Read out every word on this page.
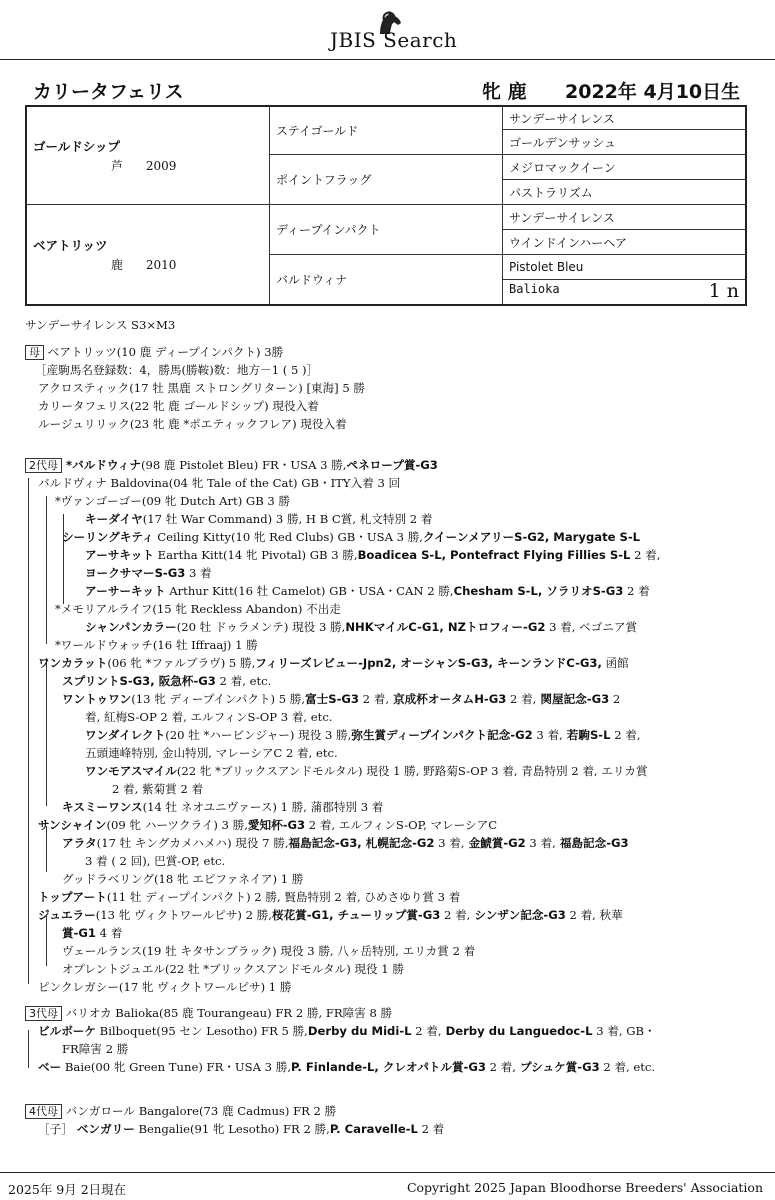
JBIS Search
カリータフェリス	牝 鹿 2022年 4月10日生
ゴールドシップ
芦 2009	ステイゴールド	サンデーサイレンス
		ゴールデンサッシュ
	ポイントフラッグ	メジロマックイーン
		パストラリズム
ベアトリッツ
鹿 2010	ディープインパクト	サンデーサイレンス
		ウインドインハーヘア
	バルドウィナ	Pistolet Bleu
		Balioka 1 n
サンデーサイレンス S3×M3
母 ベアトリッツ(10 鹿 ディープインパクト) 3勝
［産駒馬名登録数：4，勝馬(勝鞍)数：地方－1 ( 5 )］
アクロスティック(17 牡 黒鹿 ストロングリターン) [東海] 5 勝
カリータフェリス(22 牝 鹿 ゴールドシップ) 現役入着
ルージュリリック(23 牝 鹿 *ポエティックフレア) 現役入着
2代母 *バルドウィナ(98 鹿 Pistolet Bleu) FR・USA 3 勝,ペネロープ賞-G3
バルドヴィナ Baldovina(04 牝 Tale of the Cat) GB・ITY入着 3 回
*ヴァンゴーゴー(09 牝 Dutch Art) GB 3 勝
キーダイヤ(17 牡 War Command) 3 勝, H B C賞, 札文特別 2 着
シーリングキティ Ceiling Kitty(10 牝 Red Clubs) GB・USA 3 勝,クイーンメアリーS-G2, Marygate S-L
アーサキット Eartha Kitt(14 牝 Pivotal) GB 3 勝,Boadicea S-L, Pontefract Flying Fillies S-L 2 着,
ヨークサマーS-G3 3 着
アーサーキット Arthur Kitt(16 牡 Camelot) GB・USA・CAN 2 勝,Chesham S-L, ソラリオS-G3 2 着
*メモリアルライフ(15 牝 Reckless Abandon) 不出走
シャンパンカラー(20 牡 ドゥラメンテ) 現役 3 勝,NHKマイルC-G1, NZトロフィー-G2 3 着, ベゴニア賞
*ワールドウォッチ(16 牡 Iffraaj) 1 勝
ワンカラット(06 牝 *ファルブラヴ) 5 勝,フィリーズレビュー-Jpn2, オーシャンS-G3, キーンランドC-G3, 函館
スプリントS-G3, 阪急杯-G3 2 着, etc.
ワントゥワン(13 牝 ディープインパクト) 5 勝,富士S-G3 2 着, 京成杯オータムH-G3 2 着, 関屋記念-G3 2
着, 紅梅S-OP 2 着, エルフィンS-OP 3 着, etc.
ワンダイレクト(20 牡 *ハービンジャー) 現役 3 勝,弥生賞ディープインパクト記念-G2 3 着, 若駒S-L 2 着,
五頭連峰特別, 金山特別, マレーシアC 2 着, etc.
ワンモアスマイル(22 牝 *ブリックスアンドモルタル) 現役 1 勝, 野路菊S-OP 3 着, 青島特別 2 着, エリカ賞
2 着, 紫菊賞 2 着
キスミーワンス(14 牡 ネオユニヴァース) 1 勝, 蒲郡特別 3 着
サンシャイン(09 牝 ハーツクライ) 3 勝,愛知杯-G3 2 着, エルフィンS-OP, マレーシアC
アラタ(17 牡 キングカメハメハ) 現役 7 勝,福島記念-G3, 札幌記念-G2 3 着, 金鯱賞-G2 3 着, 福島記念-G3
3 着 ( 2 回), 巴賞-OP, etc.
グッドラベリング(18 牝 エピファネイア) 1 勝
トップアート(11 牡 ディープインパクト) 2 勝, 賢島特別 2 着, ひめさゆり賞 3 着
ジュエラー(13 牝 ヴィクトワールピサ) 2 勝,桜花賞-G1, チューリップ賞-G3 2 着, シンザン記念-G3 2 着, 秋華
賞-G1 4 着
ヴェールランス(19 牡 キタサンブラック) 現役 3 勝, 八ヶ岳特別, エリカ賞 2 着
オプレントジュエル(22 牡 *ブリックスアンドモルタル) 現役 1 勝
ピンクレガシー(17 牝 ヴィクトワールピサ) 1 勝
3代母 バリオカ Balioka(85 鹿 Tourangeau) FR 2 勝, FR障害 8 勝
ビルボーケ Bilboquet(95 セン Lesotho) FR 5 勝,Derby du Midi-L 2 着, Derby du Languedoc-L 3 着, GB・
FR障害 2 勝
ベー Baie(00 牝 Green Tune) FR・USA 3 勝,P. Finlande-L, クレオパトル賞-G3 2 着, プシュケ賞-G3 2 着, etc.
4代母 バンガロール Bangalore(73 鹿 Cadmus) FR 2 勝
［子］ ベンガリー Bengalie(91 牝 Lesotho) FR 2 勝,P. Caravelle-L 2 着
2025年 9月 2日現在	Copyright 2025 Japan Bloodhorse Breeders' Association
